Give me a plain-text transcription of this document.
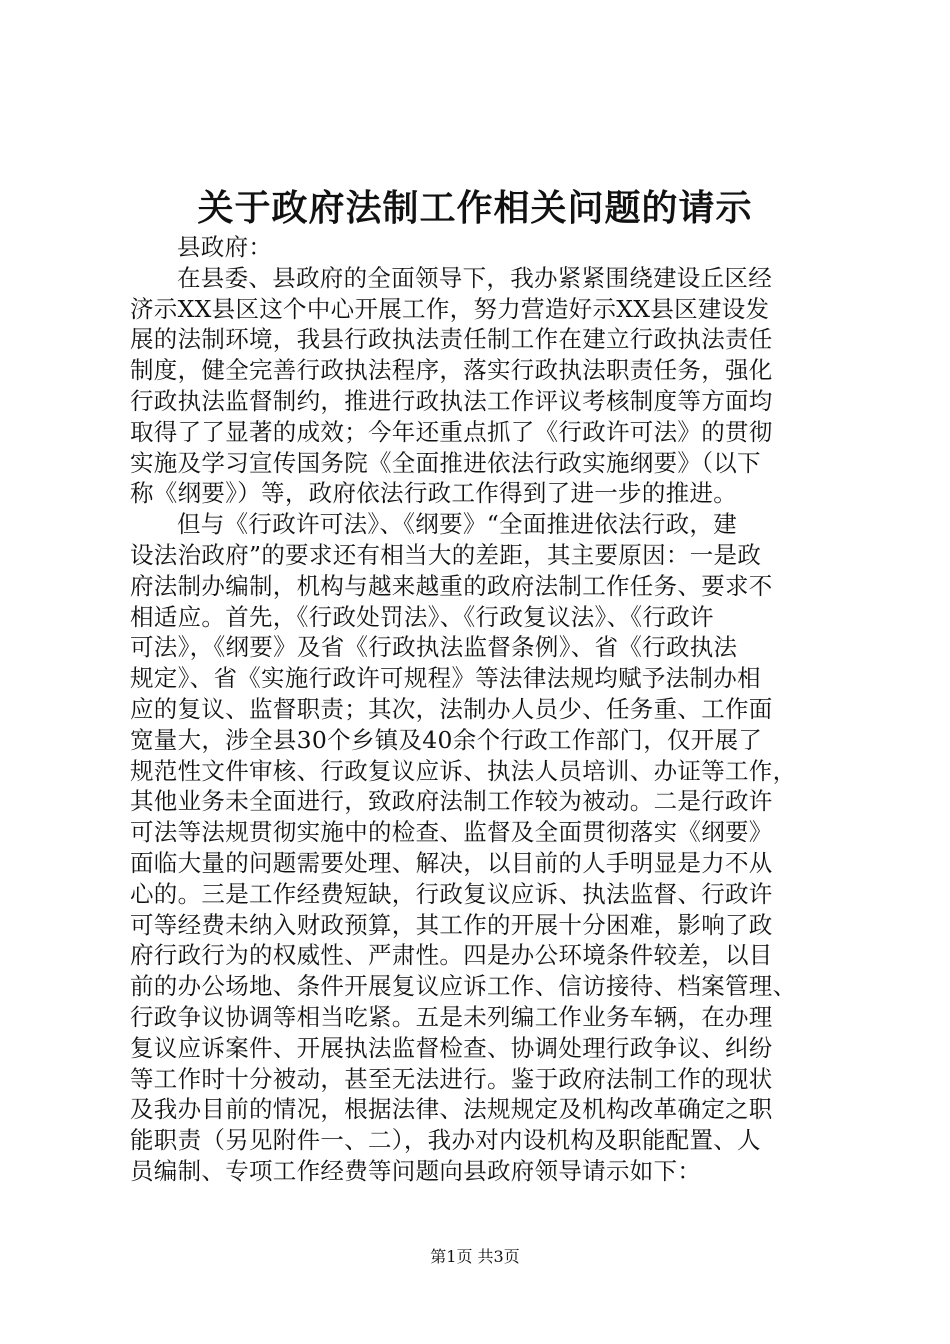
关于政府法制工作相关问题的请示
县政府：
在县委、县政府的全面领导下，我办紧紧围绕建设丘区经
济示XX县区这个中心开展工作，努力营造好示XX县区建设发
展的法制环境，我县行政执法责任制工作在建立行政执法责任
制度，健全完善行政执法程序，落实行政执法职责任务，强化
行政执法监督制约，推进行政执法工作评议考核制度等方面均
取得了了显著的成效；今年还重点抓了《行政许可法》的贯彻
实施及学习宣传国务院《全面推进依法行政实施纲要》（以下
称《纲要》）等，政府依法行政工作得到了进一步的推进。
但与《行政许可法》、《纲要》“全面推进依法行政，建
设法治政府”的要求还有相当大的差距，其主要原因：一是政
府法制办编制，机构与越来越重的政府法制工作任务、要求不
相适应。首先，《行政处罚法》、《行政复议法》、《行政许
可法》，《纲要》及省《行政执法监督条例》、省《行政执法
规定》、省《实施行政许可规程》等法律法规均赋予法制办相
应的复议、监督职责；其次，法制办人员少、任务重、工作面
宽量大，涉全县30个乡镇及40余个行政工作部门，仅开展了
规范性文件审核、行政复议应诉、执法人员培训、办证等工作，
其他业务未全面进行，致政府法制工作较为被动。二是行政许
可法等法规贯彻实施中的检查、监督及全面贯彻落实《纲要》
面临大量的问题需要处理、解决，以目前的人手明显是力不从
心的。三是工作经费短缺，行政复议应诉、执法监督、行政许
可等经费未纳入财政预算，其工作的开展十分困难，影响了政
府行政行为的权威性、严肃性。四是办公环境条件较差，以目
前的办公场地、条件开展复议应诉工作、信访接待、档案管理、
行政争议协调等相当吃紧。五是未列编工作业务车辆，在办理
复议应诉案件、开展执法监督检查、协调处理行政争议、纠纷
等工作时十分被动，甚至无法进行。鉴于政府法制工作的现状
及我办目前的情况，根据法律、法规规定及机构改革确定之职
能职责（另见附件一、二），我办对内设机构及职能配置、人
员编制、专项工作经费等问题向县政府领导请示如下：
第1页 共3页
